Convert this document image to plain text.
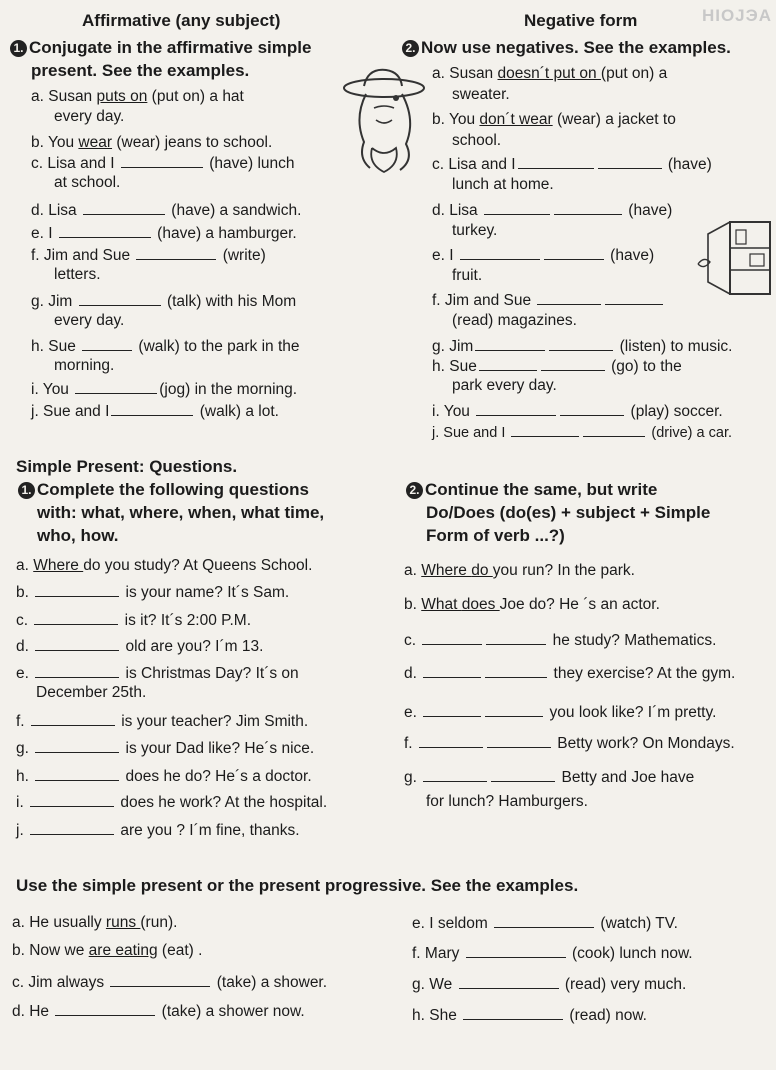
Affirmative (any subject)	Negative form	HIOJЭA
1. Conjugate in the affirmative simple
present. See the examples.
a. Susan puts on (put on) a hat
every day.
b. You wear (wear) jeans to school.
c. Lisa and I	(have) lunch
at school.
d. Lisa	(have) a sandwich.
e. I	(have) a hamburger.
f. Jim and Sue	(write)
letters.
g. Jim	(talk) with his Mom
every day.
h. Sue	(walk) to the park in the
morning.
i. You	(jog) in the morning.
j. Sue and I	(walk) a lot.
2. Now use negatives. See the examples.
a. Susan doesn´t put on (put on) a
sweater.
b. You don´t wear (wear) a jacket to
school.
c. Lisa and I	(have)
lunch at home.
d. Lisa	(have)
turkey.
e. I	(have)
fruit.
f. Jim and Sue
(read) magazines.
g. Jim	(listen) to music.
h. Sue	(go) to the
park every day.
i. You	(play) soccer.
j. Sue and I	(drive) a car.
Simple Present: Questions.
1. Complete the following questions
with: what, where, when, what time,
who, how.
a. Where do you study? At Queens School.
b.	is your name? It´s Sam.
c.	is it? It´s 2:00 P.M.
d.	old are you? I´m 13.
e.	is Christmas Day? It´s on
December 25th.
f.	is your teacher? Jim Smith.
g.	is your Dad like? He´s nice.
h.	does he do? He´s a doctor.
i.	does he work? At the hospital.
j.	are you ? I´m fine, thanks.
2. Continue the same, but write
Do/Does (do(es) + subject + Simple
Form of verb ...?)
a. Where do you run? In the park.
b. What does Joe do? He ´s an actor.
c.	he study? Mathematics.
d.	they exercise? At the gym.
e.	you look like? I´m pretty.
f.	Betty work? On Mondays.
g.	Betty and Joe have
for lunch? Hamburgers.
Use the simple present or the present progressive. See the examples.
a. He usually runs (run).
b. Now we are eating (eat) .
c. Jim always	(take) a shower.
d. He	(take) a shower now.
e. I seldom	(watch) TV.
f. Mary	(cook) lunch now.
g. We	(read) very much.
h. She	(read) now.
